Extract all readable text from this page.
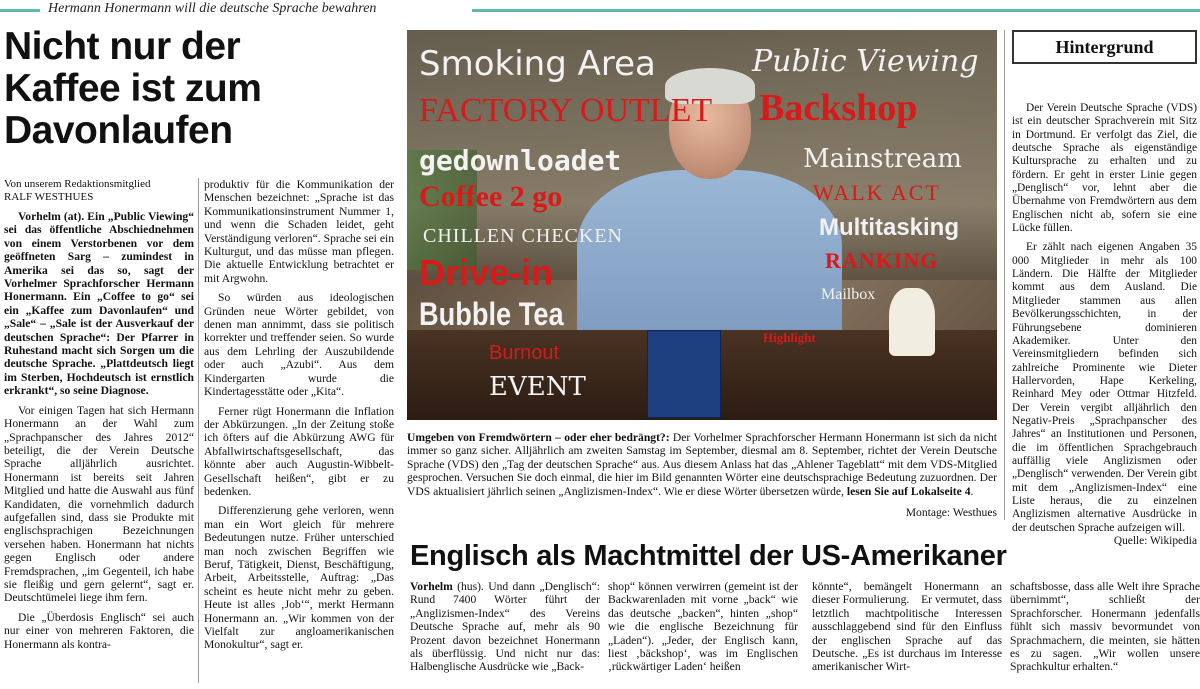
Hermann Honermann will die deutsche Sprache bewahren
Nicht nur der
Kaffee ist zum
Davonlaufen

Von unserem Redaktionsmitglied
RALF WESTHUES

Vorhelm (at). Ein „Public Viewing“ sei das öffentliche Abschiednehmen von einem Verstorbenen vor dem geöffneten Sarg – zumindest in Amerika sei das so, sagt der Vorhelmer Sprachforscher Hermann Honermann. Ein „Coffee to go“ sei ein „Kaffee zum Davonlaufen“ und „Sale“ – „Sale ist der Ausverkauf der deutschen Sprache“: Der Pfarrer in Ruhestand macht sich Sorgen um die deutsche Sprache. „Plattdeutsch liegt im Sterben, Hochdeutsch ist ernstlich erkrankt“, so seine Diagnose.

Vor einigen Tagen hat sich Hermann Honermann an der Wahl zum „Sprachpanscher des Jahres 2012“ beteiligt, die der Verein Deutsche Sprache alljährlich ausrichtet. Honermann ist bereits seit Jahren Mitglied und hatte die Auswahl aus fünf Kandidaten, die vornehmlich dadurch aufgefallen sind, dass sie Produkte mit englischsprachigen Bezeichnungen versehen haben. Honermann hat nichts gegen Englisch oder andere Fremdsprachen, „im Gegenteil, ich habe sie fleißig und gern gelernt“, sagt er. Deutschtümelei liege ihm fern.

Die „Überdosis Englisch“ sei auch nur einer von mehreren Faktoren, die Honermann als kontra-

produktiv für die Kommunikation der Menschen bezeichnet: „Sprache ist das Kommunikationsinstrument Nummer 1, und wenn die Schaden leidet, geht Verständigung verloren“. Sprache sei ein Kulturgut, und das müsse man pflegen. Die aktuelle Entwicklung betrachtet er mit Argwohn.

So würden aus ideologischen Gründen neue Wörter gebildet, von denen man annimmt, dass sie politisch korrekter und treffender seien. So wurde aus dem Lehrling der Auszubildende oder auch „Azubi“. Aus dem Kindergarten wurde die Kindertagesstätte oder „Kita“.

Ferner rügt Honermann die Inflation der Abkürzungen. „In der Zeitung stoße ich öfters auf die Abkürzung AWG für Abfallwirtschaftsgesellschaft, das könnte aber auch Augustin-Wibbelt-Gesellschaft heißen“, gibt er zu bedenken.

Differenzierung gehe verloren, wenn man ein Wort gleich für mehrere Bedeutungen nutze. Früher unterschied man noch zwischen Begriffen wie Beruf, Tätigkeit, Dienst, Beschäftigung, Arbeit, Arbeitsstelle, Auftrag: „Das scheint es heute nicht mehr zu geben. Heute ist alles ‚Job‘“, merkt Hermann Honermann an. „Wir kommen von der Vielfalt zur angloamerikanischen Monokultur“, sagt er.

Smoking Area	Public Viewing
FACTORY OUTLET Backshop
gedownloadet	Mainstream
Coffee 2 go	WALK ACT
CHILLEN CHECKEN	Multitasking
Drive-in	RANKING
Bubble Tea
Mailbox
Burnout
Highlight
EVENT
Umgeben von Fremdwörtern – oder eher bedrängt?: Der Vorhelmer Sprachforscher Hermann Honermann ist sich da nicht immer so ganz sicher. Alljährlich am zweiten Samstag im September, diesmal am 8. September, richtet der Verein Deutsche Sprache (VDS) den „Tag der deutschen Sprache“ aus. Aus diesem Anlass hat das „Ahlener Tageblatt“ mit dem VDS-Mitglied gesprochen. Versuchen Sie doch einmal, die hier im Bild genannten Wörter eine deutschsprachige Bedeutung zuzuordnen. Der VDS aktualisiert jährlich seinen „Anglizismen-Index“. Wie er diese Wörter übersetzen würde, lesen Sie auf Lokalseite 4.
Montage: Westhues
Hintergrund

Der Verein Deutsche Sprache (VDS) ist ein deutscher Sprachverein mit Sitz in Dortmund. Er verfolgt das Ziel, die deutsche Sprache als eigenständige Kultursprache zu erhalten und zu fördern. Er geht in erster Linie gegen „Denglisch“ vor, lehnt aber die Übernahme von Fremdwörtern aus dem Englischen nicht ab, sofern sie eine Lücke füllen.

Er zählt nach eigenen Angaben 35 000 Mitglieder in mehr als 100 Ländern. Die Hälfte der Mitglieder kommt aus dem Ausland. Die Mitglieder stammen aus allen Bevölkerungsschichten, in der Führungsebene dominieren Akademiker. Unter den Vereinsmitgliedern befinden sich zahlreiche Prominente wie Dieter Hallervorden, Hape Kerkeling, Reinhard Mey oder Ottmar Hitzfeld. Der Verein vergibt alljährlich den Negativ-Preis „Sprachpanscher des Jahres“ an Institutionen und Personen, die im öffentlichen Sprachgebrauch auffällig viele Anglizismen oder „Denglisch“ verwenden. Der Verein gibt mit dem „Anglizismen-Index“ eine Liste heraus, die zu einzelnen Anglizismen alternative Ausdrücke in der deutschen Sprache aufzeigen will.

Quelle: Wikipedia

Englisch als Machtmittel der US-Amerikaner
Vorhelm (hus). Und dann „Denglisch“: Rund 7400 Wörter führt der „Anglizismen-Index“ des Vereins Deutsche Sprache auf, mehr als 90 Prozent davon bezeichnet Honermann als überflüssig. Und nicht nur das: Halbenglische Ausdrücke wie „Back-
shop“ können verwirren (gemeint ist der Backwarenladen mit vorne „back“ wie das deutsche „backen“, hinten „shop“ wie die englische Bezeichnung für „Laden“). „Jeder, der Englisch kann, liest ‚bäckshop‘, was im Englischen ‚rückwärtiger Laden‘ heißen
könnte“, bemängelt Honermann an dieser Formulierung.    Er vermutet, dass letztlich machtpolitische Interessen ausschlaggebend sind für den Einfluss der englischen Sprache auf das Deutsche. „Es ist durchaus im Interesse amerikanischer Wirt-
schaftsbosse, dass alle Welt ihre Sprache übernimmt“, schließt der Sprachforscher. Honermann jedenfalls fühlt sich massiv bevormundet von Sprachmachern, die meinten, sie hätten es zu sagen. „Wir wollen unsere Sprachkultur erhalten.“
